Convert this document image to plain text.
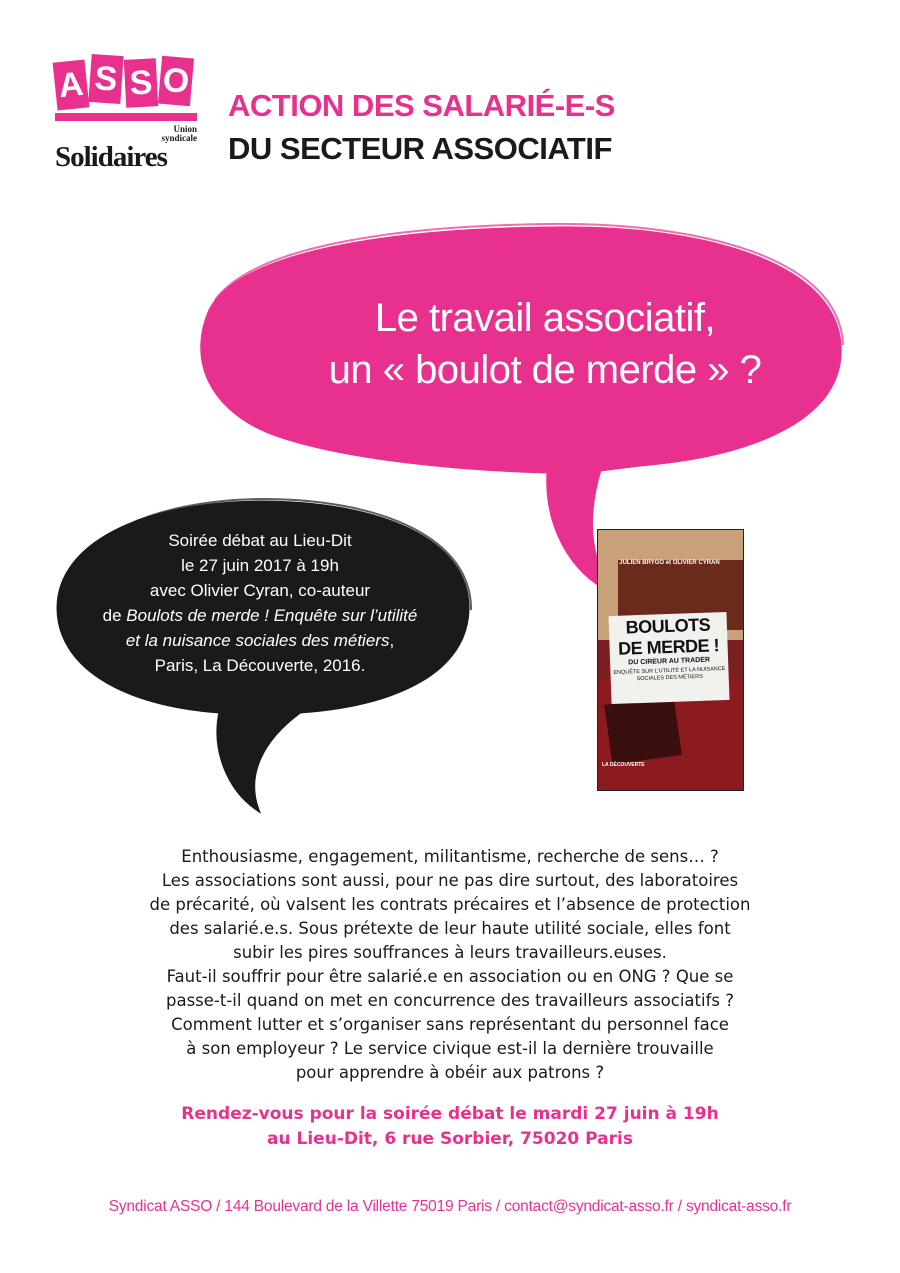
A S S O
Union
syndicale
Solidaires
ACTION DES SALARIÉ-E-S
DU SECTEUR ASSOCIATIF
Le travail associatif,
un « boulot de merde » ?
Soirée débat au Lieu-Dit
le 27 juin 2017 à 19h
avec Olivier Cyran, co-auteur
de Boulots de merde ! Enquête sur l’utilité
et la nuisance sociales des métiers,
Paris, La Découverte, 2016.
BOULOTS
DE MERDE !
DU CIREUR AU TRADER
ENQUÊTE SUR L’UTILITÉ ET LA NUISANCE SOCIALES DES MÉTIERS
LA DÉCOUVERTE
JULIEN BRYGO et OLIVIER CYRAN
Enthousiasme, engagement, militantisme, recherche de sens… ?
Les associations sont aussi, pour ne pas dire surtout, des laboratoires
de précarité, où valsent les contrats précaires et l’absence de protection
des salarié.e.s. Sous prétexte de leur haute utilité sociale, elles font
subir les pires souffrances à leurs travailleurs.euses.
Faut-il souffrir pour être salarié.e en association ou en ONG ? Que se
passe-t-il quand on met en concurrence des travailleurs associatifs ?
Comment lutter et s’organiser sans représentant du personnel face
à son employeur ? Le service civique est-il la dernière trouvaille
pour apprendre à obéir aux patrons ?
Rendez-vous pour la soirée débat le mardi 27 juin à 19h
au Lieu-Dit, 6 rue Sorbier, 75020 Paris
Syndicat ASSO / 144 Boulevard de la Villette 75019 Paris / contact@syndicat-asso.fr / syndicat-asso.fr
